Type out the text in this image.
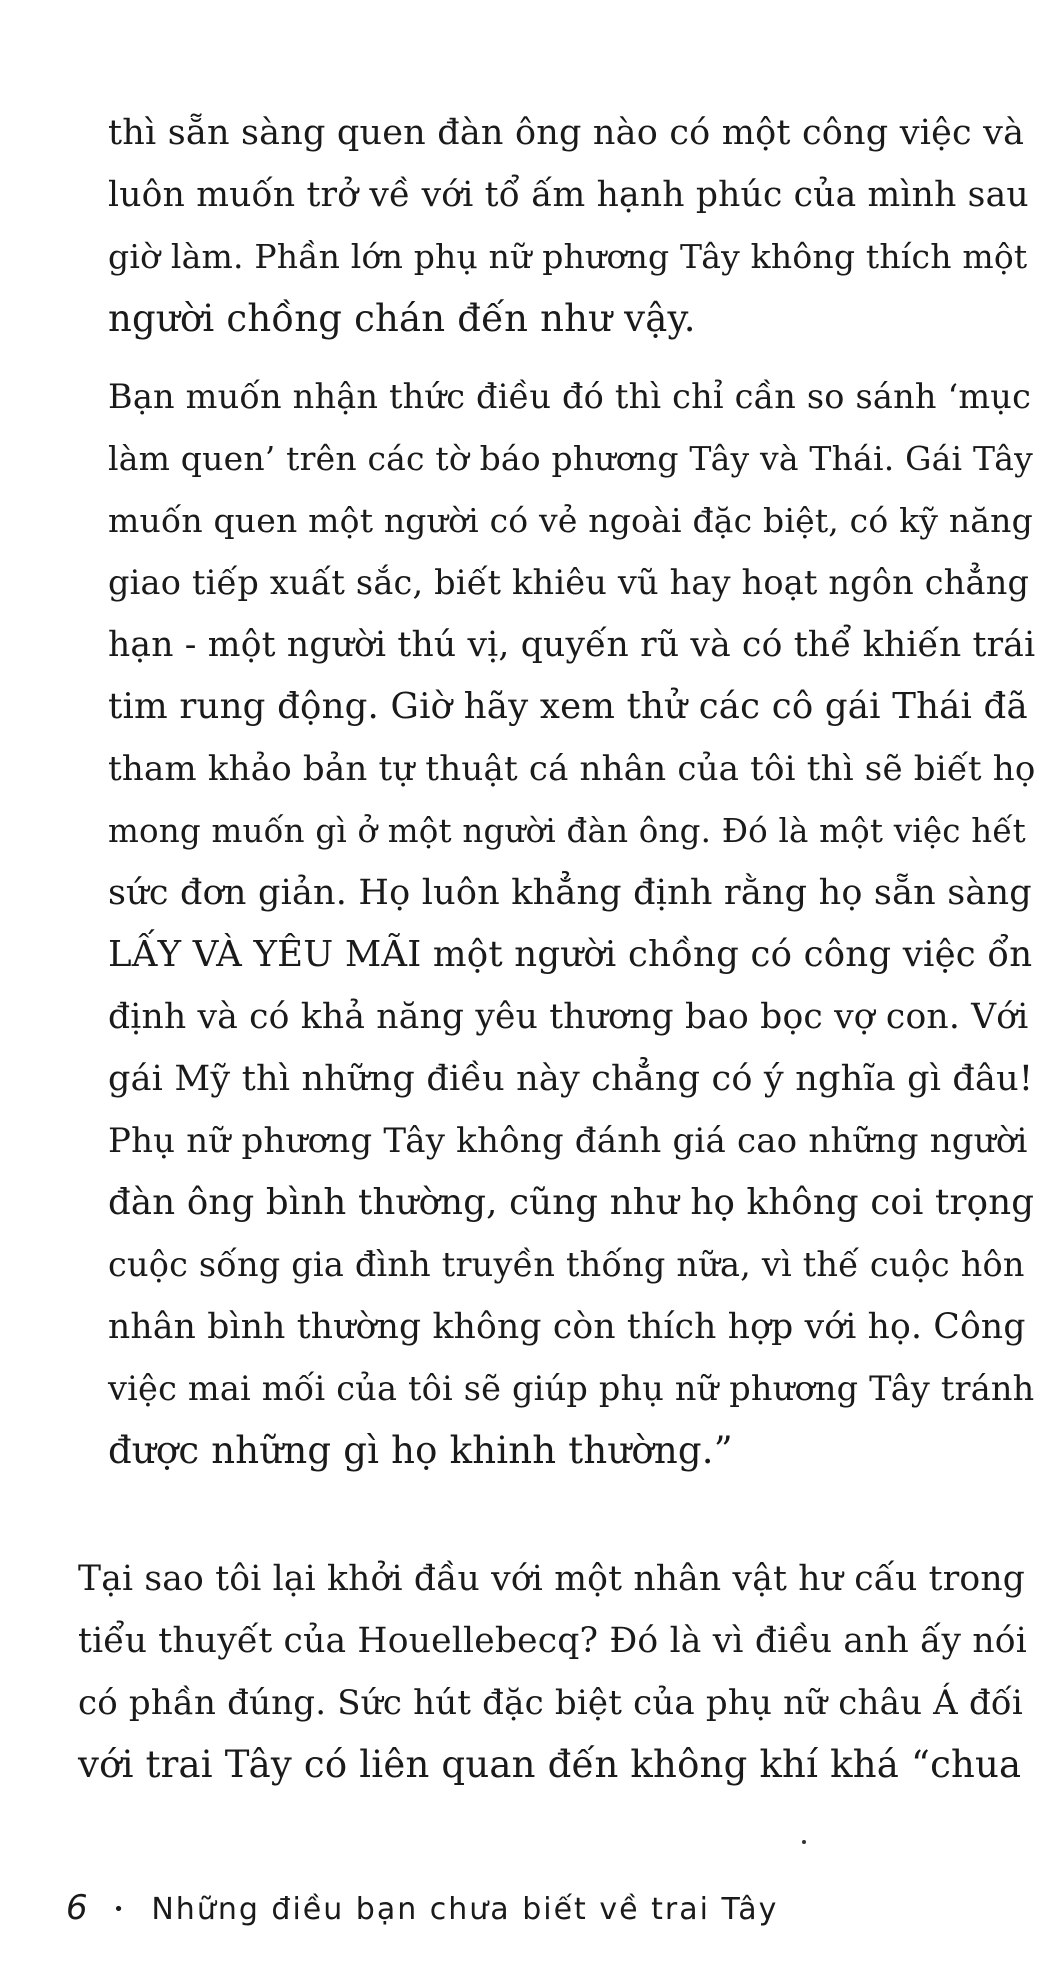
thì sẵn sàng quen đàn ông nào có một công việc và
luôn muốn trở về với tổ ấm hạnh phúc của mình sau
giờ làm. Phần lớn phụ nữ phương Tây không thích một
người chồng chán đến như vậy.

Bạn muốn nhận thức điều đó thì chỉ cần so sánh ‘mục
làm quen’ trên các tờ báo phương Tây và Thái. Gái Tây
muốn quen một người có vẻ ngoài đặc biệt, có kỹ năng
giao tiếp xuất sắc, biết khiêu vũ hay hoạt ngôn chẳng
hạn - một người thú vị, quyến rũ và có thể khiến trái
tim rung động. Giờ hãy xem thử các cô gái Thái đã
tham khảo bản tự thuật cá nhân của tôi thì sẽ biết họ
mong muốn gì ở một người đàn ông. Đó là một việc hết
sức đơn giản. Họ luôn khẳng định rằng họ sẵn sàng
LẤY VÀ YÊU MÃI một người chồng có công việc ổn
định và có khả năng yêu thương bao bọc vợ con. Với
gái Mỹ thì những điều này chẳng có ý nghĩa gì đâu!
Phụ nữ phương Tây không đánh giá cao những người
đàn ông bình thường, cũng như họ không coi trọng
cuộc sống gia đình truyền thống nữa, vì thế cuộc hôn
nhân bình thường không còn thích hợp với họ. Công
việc mai mối của tôi sẽ giúp phụ nữ phương Tây tránh
được những gì họ khinh thường.”

Tại sao tôi lại khởi đầu với một nhân vật hư cấu trong
tiểu thuyết của Houellebecq? Đó là vì điều anh ấy nói
có phần đúng. Sức hút đặc biệt của phụ nữ châu Á đối
với trai Tây có liên quan đến không khí khá “chua

6 • Những điều bạn chưa biết về trai Tây
